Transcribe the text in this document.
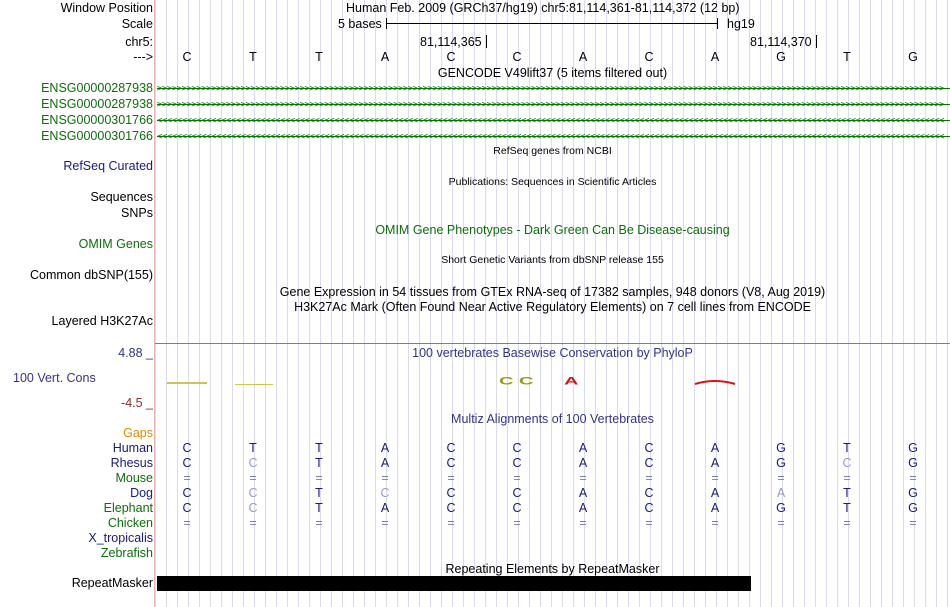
Window Position	Human Feb. 2009 (GRCh37/hg19) chr5:81,114,361-81,114,372 (12 bp)
Scale	5 bases	hg19
chr5:	81,114,365	81,114,370
--->	C	T	T	A	C	C	A	C	A	G	T	G
GENCODE V49lift37 (5 items filtered out)
ENSG00000287938 >>>>>>>>>>>>>>>>>>>>>>>>>>>>>>>>>>>>>>>>>>>>>>>>>>>>>>>>>>>>>>>>>>>>>>>>>>>>>>>>>>>>>>>>>>>>>>>>>>>>>>>>>>>>>>>>>>>>>>>>>>>>>>>>>>>>>>>>>>>>>>>>>>>>>>>>>>>>>>>>
ENSG00000287938 >>>>>>>>>>>>>>>>>>>>>>>>>>>>>>>>>>>>>>>>>>>>>>>>>>>>>>>>>>>>>>>>>>>>>>>>>>>>>>>>>>>>>>>>>>>>>>>>>>>>>>>>>>>>>>>>>>>>>>>>>>>>>>>>>>>>>>>>>>>>>>>>>>>>>>>>>>>>>>>>
ENSG00000301766 <<<<<<<<<<<<<<<<<<<<<<<<<<<<<<<<<<<<<<<<<<<<<<<<<<<<<<<<<<<<<<<<<<<<<<<<<<<<<<<<<<<<<<<<<<<<<<<<<<<<<<<<<<<<<<<<<<<<<<<<<<<<<<<<<<<<<<<<<<<<<<<<<<<<<<<<<<<<<<<<
ENSG00000301766 <<<<<<<<<<<<<<<<<<<<<<<<<<<<<<<<<<<<<<<<<<<<<<<<<<<<<<<<<<<<<<<<<<<<<<<<<<<<<<<<<<<<<<<<<<<<<<<<<<<<<<<<<<<<<<<<<<<<<<<<<<<<<<<<<<<<<<<<<<<<<<<<<<<<<<<<<<<<<<<<
RefSeq genes from NCBI
RefSeq Curated
Publications: Sequences in Scientific Articles
Sequences
SNPs
OMIM Gene Phenotypes - Dark Green Can Be Disease-causing
OMIM Genes
Short Genetic Variants from dbSNP release 155
Common dbSNP(155)
Gene Expression in 54 tissues from GTEx RNA-seq of 17382 samples, 948 donors (V8, Aug 2019)
H3K27Ac Mark (Often Found Near Active Regulatory Elements) on 7 cell lines from ENCODE
Layered H3K27Ac
4.88 _	100 vertebrates Basewise Conservation by PhyloP
100 Vert. Cons
-4.5 _
C C A
Multiz Alignments of 100 Vertebrates
Gaps
Human	C	T	T	A	C	C	A	C	A	G	T	G
Rhesus	C	C	T	A	C	C	A	C	A	G	C	G
Mouse	=	=	=	=	=	=	=	=	=	=	=	=
Dog	C	C	T	C	C	C	A	C	A	A	T	G
Elephant	C	C	T	A	C	C	A	C	A	G	T	G
Chicken	=	=	=	=	=	=	=	=	=	=	=	=
X_tropicalis
Zebrafish
Repeating Elements by RepeatMasker
RepeatMasker
